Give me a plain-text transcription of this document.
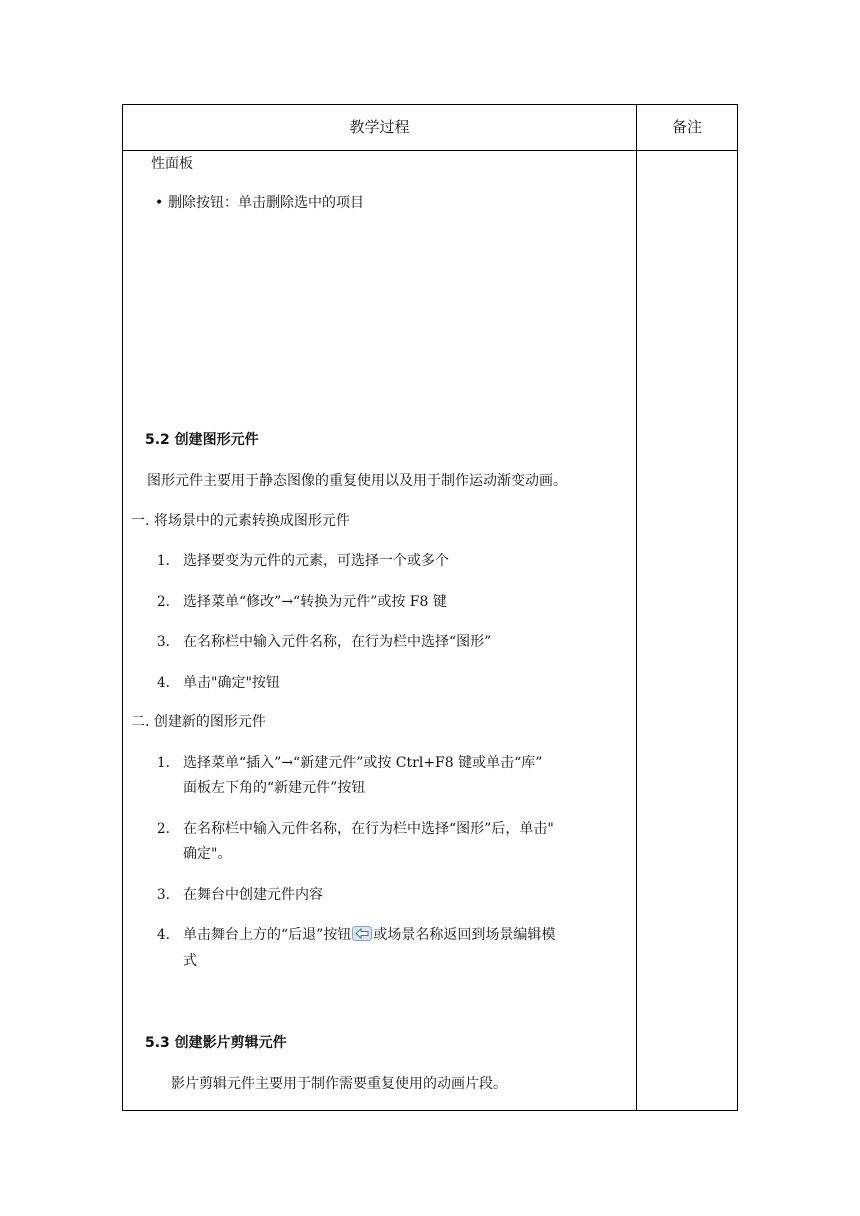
教学过程	备注
性面板
• 删除按钮：单击删除选中的项目
5.2 创建图形元件
图形元件主要用于静态图像的重复使用以及用于制作运动渐变动画。
一. 将场景中的元素转换成图形元件
1. 选择要变为元件的元素，可选择一个或多个
2. 选择菜单“修改”→“转换为元件”或按 F8 键
3. 在名称栏中输入元件名称，在行为栏中选择“图形”
4. 单击"确定"按钮
二. 创建新的图形元件
1. 选择菜单“插入”→“新建元件”或按 Ctrl+F8 键或单击“库”
面板左下角的“新建元件”按钮
2. 在名称栏中输入元件名称，在行为栏中选择“图形”后，单击"
确定"。
3. 在舞台中创建元件内容
4. 单击舞台上方的“后退”按钮 或场景名称返回到场景编辑模
式
5.3 创建影片剪辑元件
影片剪辑元件主要用于制作需要重复使用的动画片段。
